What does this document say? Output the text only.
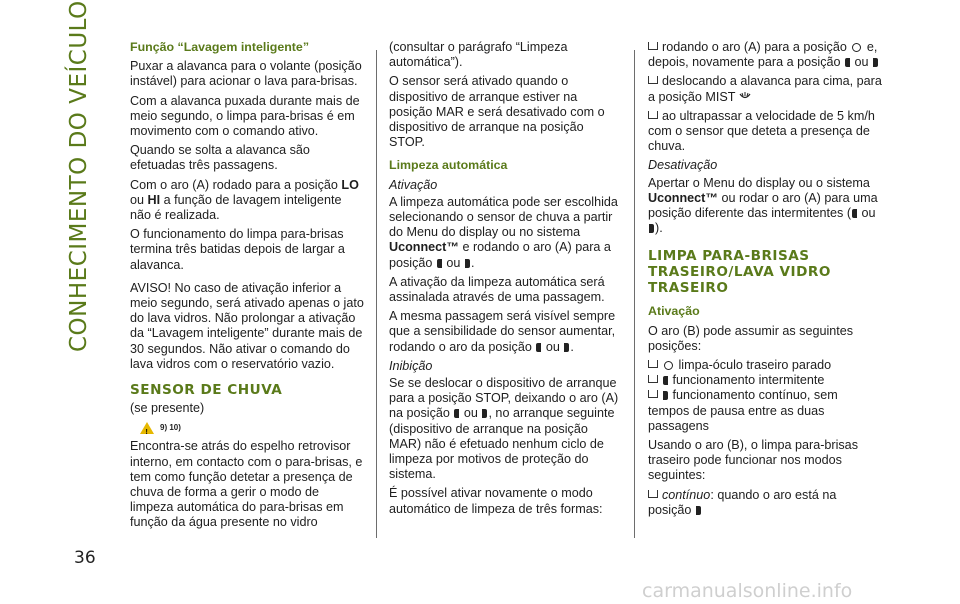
CONHECIMENTO DO VEÍCULO
36
Função “Lavagem inteligente”

Puxar a alavanca para o volante (posição instável) para acionar o lava para-brisas.

Com a alavanca puxada durante mais de meio segundo, o limpa para-brisas é em movimento com o comando ativo.

Quando se solta a alavanca são efetuadas três passagens.

Com o aro (A) rodado para a posição LO
ou HI a função de lavagem inteligente não é realizada.

O funcionamento do limpa para-brisas termina três batidas depois de largar a alavanca.

AVISO! No caso de ativação inferior a meio segundo, será ativado apenas o jato do lava vidros. Não prolongar a ativação da “Lavagem inteligente” durante mais de 30 segundos. Não ativar o comando do lava vidros com o reservatório vazio.

SENSOR DE CHUVA

(se presente)

!
9) 10)

Encontra-se atrás do espelho retrovisor interno, em contacto com o para-brisas, e tem como função detetar a presença de chuva de forma a gerir o modo de limpeza automática do para-brisas em função da água presente no vidro

(consultar o parágrafo “Limpeza automática”).

O sensor será ativado quando o dispositivo de arranque estiver na posição MAR e será desativado com o dispositivo de arranque na posição STOP.

Limpeza automática
Ativação

A limpeza automática pode ser escolhida selecionando o sensor de chuva a partir do Menu do display ou no sistema Uconnect™ e rodando o aro (A) para a posição  ou .

A ativação da limpeza automática será assinalada através de uma passagem.

A mesma passagem será visível sempre que a sensibilidade do sensor aumentar, rodando o aro da posição  ou .

Inibição

Se se deslocar o dispositivo de arranque para a posição STOP, deixando o aro (A) na posição  ou , no arranque seguinte (dispositivo de arranque na posição MAR) não é efetuado nenhum ciclo de limpeza por motivos de proteção do sistema.

É possível ativar novamente o modo automático de limpeza de três formas:

rodando o aro (A) para a posição  e, depois, novamente para a posição  ou

deslocando a alavanca para cima, para a posição MIST

ao ultrapassar a velocidade de 5 km/h com o sensor que deteta a presença de chuva.

Desativação

Apertar o Menu do display ou o sistema Uconnect™ ou rodar o aro (A) para uma posição diferente das intermitentes ( ou ).

LIMPA PARA-BRISAS TRASEIRO/LAVA VIDRO TRASEIRO
Ativação

O aro (B) pode assumir as seguintes posições:

limpa-óculo traseiro parado

funcionamento intermitente

funcionamento contínuo, sem tempos de pausa entre as duas passagens

Usando o aro (B), o limpa para-brisas traseiro pode funcionar nos modos seguintes:

contínuo: quando o aro está na posição

carmanualsonline.info
